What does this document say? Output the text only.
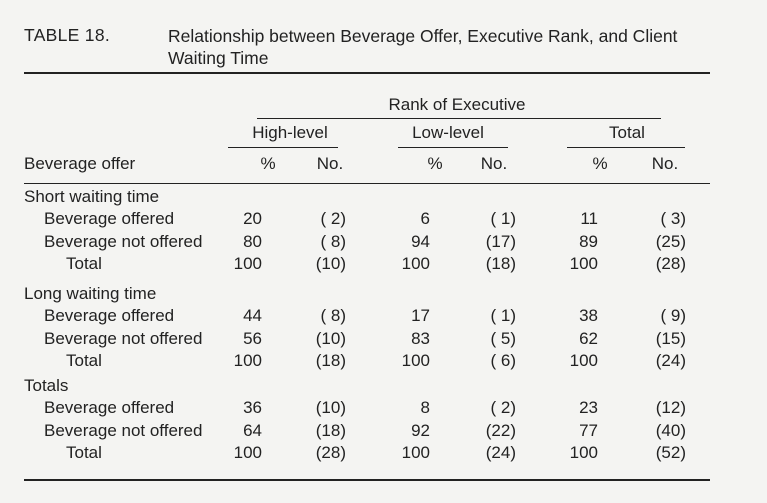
TABLE 18.	Relationship between Beverage Offer, Executive Rank, and Client Waiting Time
Rank of Executive
High-level	Low-level	Total
Beverage offer	%	No.	%	No.	%	No.
Short waiting time
Beverage offered	20	( 2)	6	( 1)	11	( 3)
Beverage not offered 80	( 8)	94	(17)	89	(25)
Total	100	(10)	100	(18)	100	(28)
Long waiting time
Beverage offered	44	( 8)	17	( 1)	38	( 9)
Beverage not offered 56	(10)	83	( 5)	62	(15)
Total	100	(18)	100	( 6)	100	(24)
Totals
Beverage offered	36	(10)	8	( 2)	23	(12)
Beverage not offered 64	(18)	92	(22)	77	(40)
Total	100	(28)	100	(24)	100	(52)
